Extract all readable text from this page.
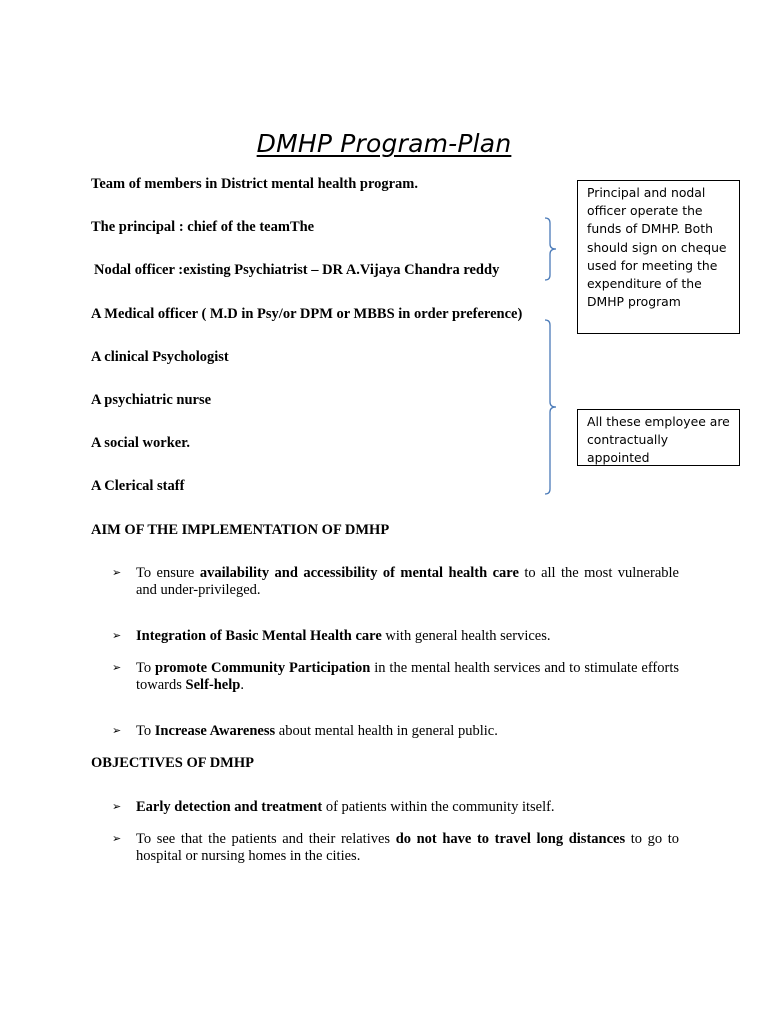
DMHP Program-Plan
Team of members in District mental health program.
The principal : chief of the teamThe
Nodal officer :existing Psychiatrist – DR A.Vijaya Chandra reddy
A Medical officer ( M.D in Psy/or DPM or MBBS in order preference)
A clinical Psychologist
A psychiatric nurse
A social worker.
A Clerical staff
Principal and nodal officer operate the funds of DMHP. Both should sign on cheque used for meeting the expenditure of the DMHP program
All these employee are contractually appointed
AIM OF THE IMPLEMENTATION OF DMHP
➢ To ensure availability and accessibility of mental health care to all the most vulnerable and under-privileged.
➢ Integration of Basic Mental Health care with general health services.
➢ To promote Community Participation in the mental health services and to stimulate efforts towards Self-help.
➢ To Increase Awareness about mental health in general public.
OBJECTIVES OF DMHP
➢ Early detection and treatment of patients within the community itself.
➢ To see that the patients and their relatives do not have to travel long distances to go to hospital or nursing homes in the cities.
